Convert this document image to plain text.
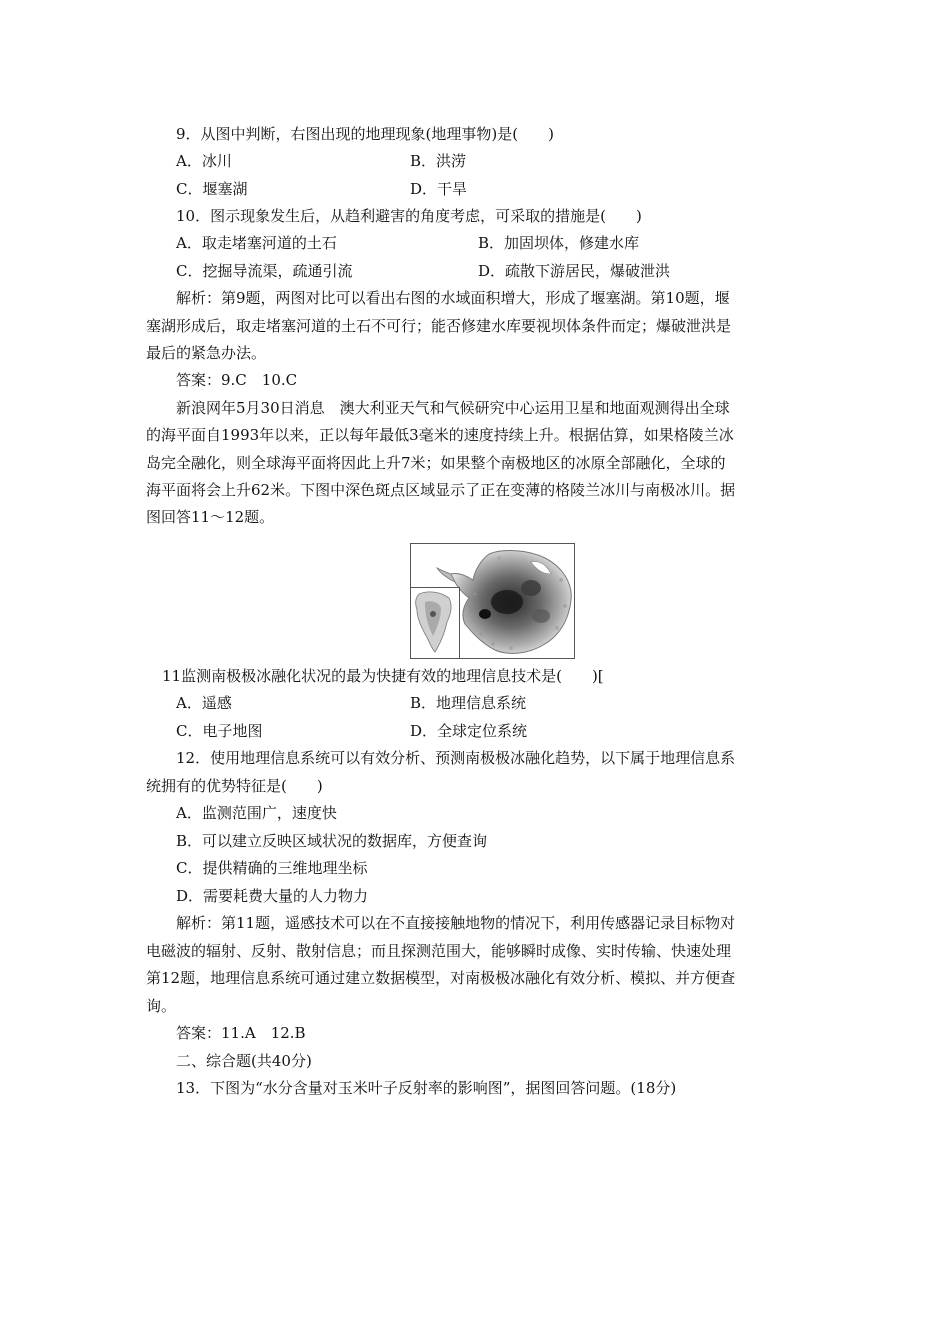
9．从图中判断，右图出现的地理现象(地理事物)是(　　)
A．冰川	B．洪涝
C．堰塞湖	D．干旱
10．图示现象发生后，从趋利避害的角度考虑，可采取的措施是(　　)
A．取走堵塞河道的土石	B．加固坝体，修建水库
C．挖掘导流渠，疏通引流	D．疏散下游居民，爆破泄洪
解析：第9题，两图对比可以看出右图的水域面积增大，形成了堰塞湖。第10题，堰
塞湖形成后，取走堵塞河道的土石不可行；能否修建水库要视坝体条件而定；爆破泄洪是
最后的紧急办法。
答案：9.C　10.C
新浪网年5月30日消息　澳大利亚天气和气候研究中心运用卫星和地面观测得出全球
的海平面自1993年以来，正以每年最低3毫米的速度持续上升。根据估算，如果格陵兰冰
岛完全融化，则全球海平面将因此上升7米；如果整个南极地区的冰原全部融化，全球的
海平面将会上升62米。下图中深色斑点区域显示了正在变薄的格陵兰冰川与南极冰川。据
图回答11～12题。
11监测南极极冰融化状况的最为快捷有效的地理信息技术是(　　)[
A．遥感	B．地理信息系统
C．电子地图	D．全球定位系统
12．使用地理信息系统可以有效分析、预测南极极冰融化趋势，以下属于地理信息系
统拥有的优势特征是(　　)
A．监测范围广，速度快
B．可以建立反映区域状况的数据库，方便查询
C．提供精确的三维地理坐标
D．需要耗费大量的人力物力
解析：第11题，遥感技术可以在不直接接触地物的情况下，利用传感器记录目标物对
电磁波的辐射、反射、散射信息；而且探测范围大，能够瞬时成像、实时传输、快速处理
第12题，地理信息系统可通过建立数据模型，对南极极冰融化有效分析、模拟、并方便查
询。
答案：11.A　12.B
二、综合题(共40分)
13．下图为“水分含量对玉米叶子反射率的影响图”，据图回答问题。(18分)
